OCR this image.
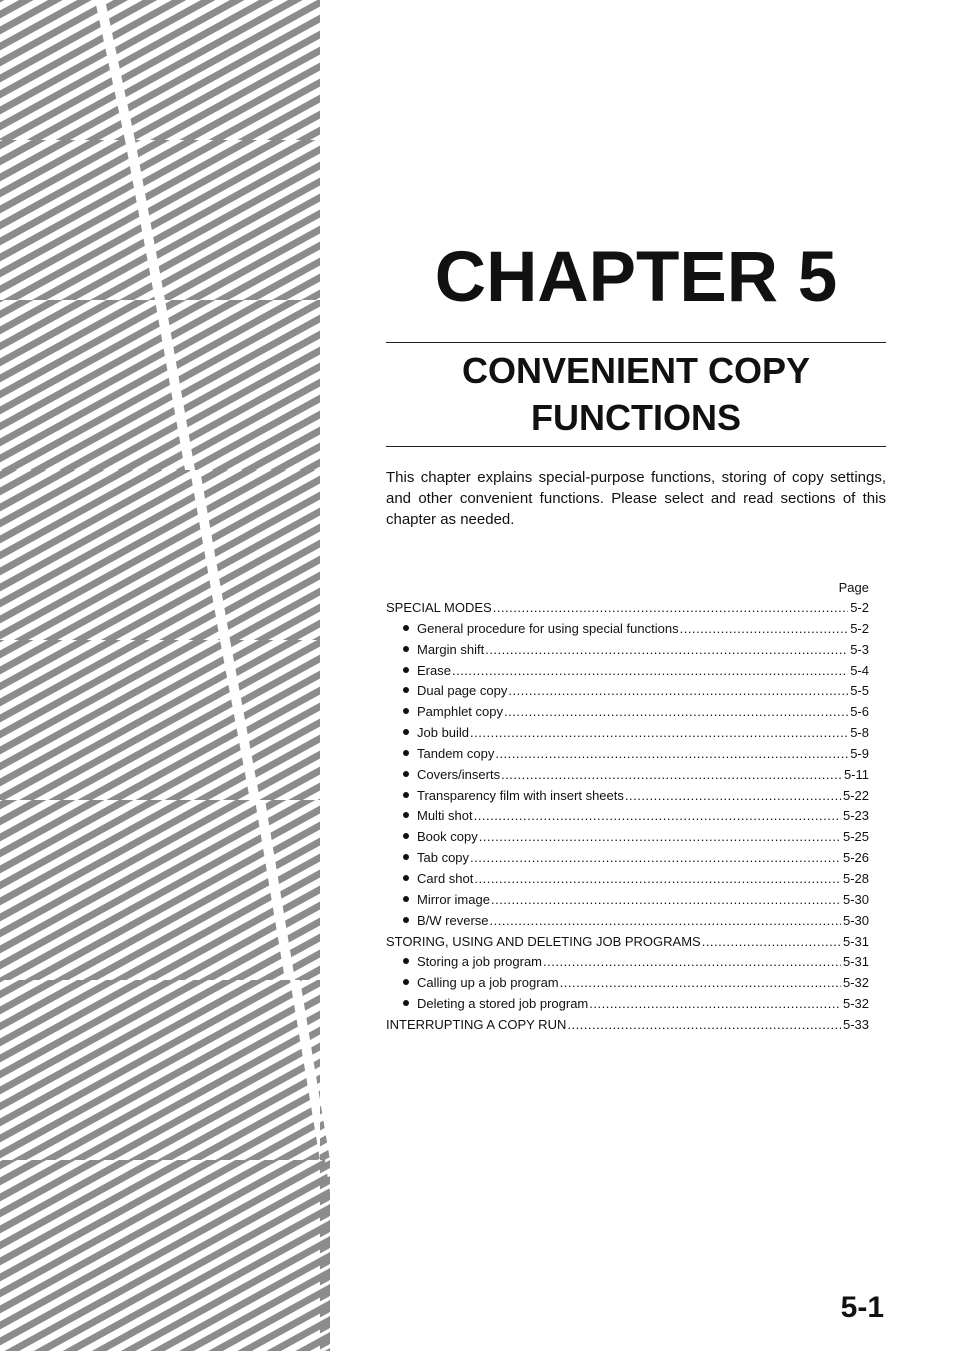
CHAPTER 5
CONVENIENT COPY
FUNCTIONS

This chapter explains special-purpose functions, storing of copy settings, and other convenient functions. Please select and read sections of this chapter as needed.

Page
SPECIAL MODES .....	5-2
General procedure for using special functions .....	5-2
Margin shift .....	5-3
Erase .....	5-4
Dual page copy .....	5-5
Pamphlet copy .....	5-6
Job build .....	5-8
Tandem copy .....	5-9
Covers/inserts .....	5-11
Transparency film with insert sheets .....	5-22
Multi shot .....	5-23
Book copy .....	5-25
Tab copy .....	5-26
Card shot .....	5-28
Mirror image .....	5-30
B/W reverse .....	5-30
STORING, USING AND DELETING JOB PROGRAMS .....	5-31
Storing a job program .....	5-31
Calling up a job program .....	5-32
Deleting a stored job program .....	5-32
INTERRUPTING A COPY RUN .....	5-33
5-1
